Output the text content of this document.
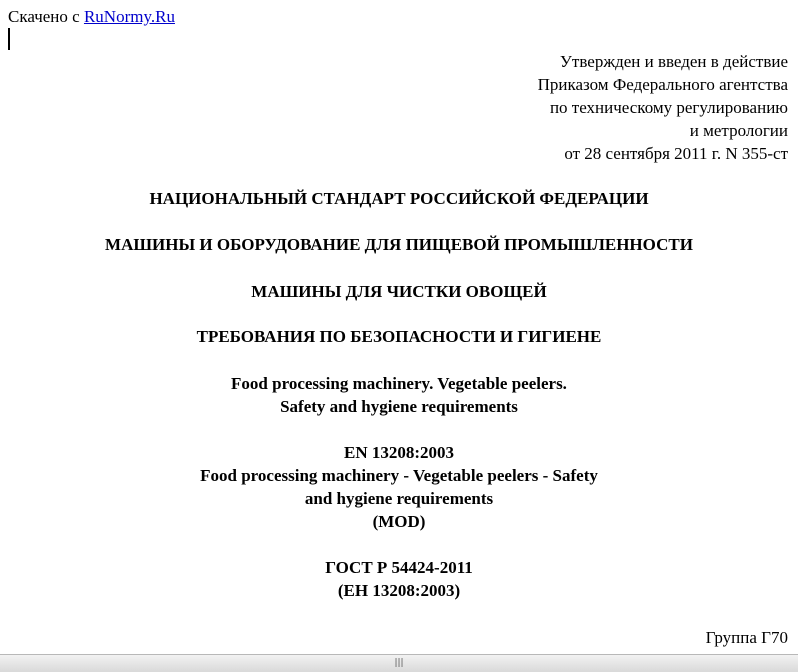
Скачено с RuNormy.Ru
Утвержден и введен в действие
Приказом Федерального агентства
по техническому регулированию
и метрологии
от 28 сентября 2011 г. N 355-ст
НАЦИОНАЛЬНЫЙ СТАНДАРТ РОССИЙСКОЙ ФЕДЕРАЦИИ
МАШИНЫ И ОБОРУДОВАНИЕ ДЛЯ ПИЩЕВОЙ ПРОМЫШЛЕННОСТИ
МАШИНЫ ДЛЯ ЧИСТКИ ОВОЩЕЙ
ТРЕБОВАНИЯ ПО БЕЗОПАСНОСТИ И ГИГИЕНЕ
Food processing machinery. Vegetable peelers.
Safety and hygiene requirements
EN 13208:2003
Food processing machinery - Vegetable peelers - Safety
and hygiene requirements
(MOD)
ГОСТ Р 54424-2011
(ЕН 13208:2003)
Группа Г70
|||
